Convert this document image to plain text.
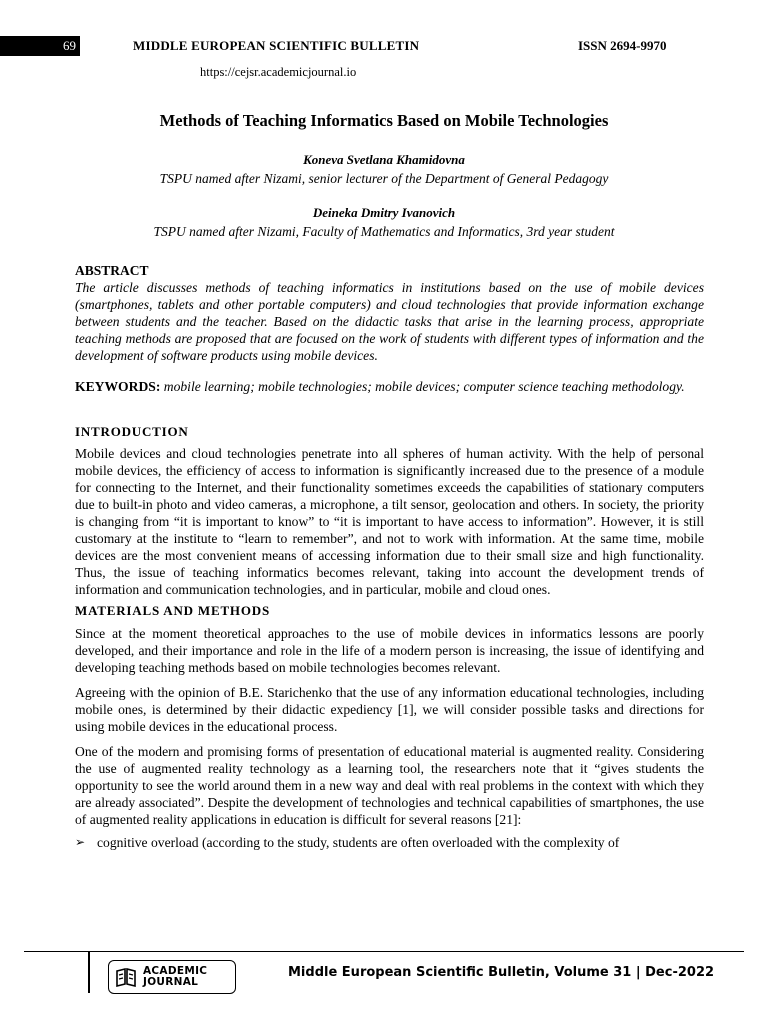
69	MIDDLE EUROPEAN SCIENTIFIC BULLETIN	ISSN 2694-9970
https://cejsr.academicjournal.io
Methods of Teaching Informatics Based on Mobile Technologies
Koneva Svetlana Khamidovna
TSPU named after Nizami, senior lecturer of the Department of General Pedagogy
Deineka Dmitry Ivanovich
TSPU named after Nizami, Faculty of Mathematics and Informatics, 3rd year student

ABSTRACT

The article discusses methods of teaching informatics in institutions based on the use of mobile devices (smartphones, tablets and other portable computers) and cloud technologies that provide information exchange between students and the teacher. Based on the didactic tasks that arise in the learning process, appropriate teaching methods are proposed that are focused on the work of students with different types of information and the development of software products using mobile devices.

KEYWORDS: mobile learning; mobile technologies; mobile devices; computer science teaching methodology.

INTRODUCTION

Mobile devices and cloud technologies penetrate into all spheres of human activity. With the help of personal mobile devices, the efficiency of access to information is significantly increased due to the presence of a module for connecting to the Internet, and their functionality sometimes exceeds the capabilities of stationary computers due to built-in photo and video cameras, a microphone, a tilt sensor, geolocation and others. In society, the priority is changing from “it is important to know” to “it is important to have access to information”. However, it is still customary at the institute to “learn to remember”, and not to work with information. At the same time, mobile devices are the most convenient means of accessing information due to their small size and high functionality. Thus, the issue of teaching informatics becomes relevant, taking into account the development trends of information and communication technologies, and in particular, mobile and cloud ones.

MATERIALS AND METHODS

Since at the moment theoretical approaches to the use of mobile devices in informatics lessons are poorly developed, and their importance and role in the life of a modern person is increasing, the issue of identifying and developing teaching methods based on mobile technologies becomes relevant.

Agreeing with the opinion of B.E. Starichenko that the use of any information educational technologies, including mobile ones, is determined by their didactic expediency [1], we will consider possible tasks and directions for using mobile devices in the educational process.

One of the modern and promising forms of presentation of educational material is augmented reality. Considering the use of augmented reality technology as a learning tool, the researchers note that it “gives students the opportunity to see the world around them in a new way and deal with real problems in the context with which they are already associated”. Despite the development of technologies and technical capabilities of smartphones, the use of augmented reality applications in education is difficult for several reasons [21]:

➢ cognitive overload (according to the study, students are often overloaded with the complexity of
ACADEMIC
JOURNAL
Middle European Scientific Bulletin, Volume 31 | Dec-2022
